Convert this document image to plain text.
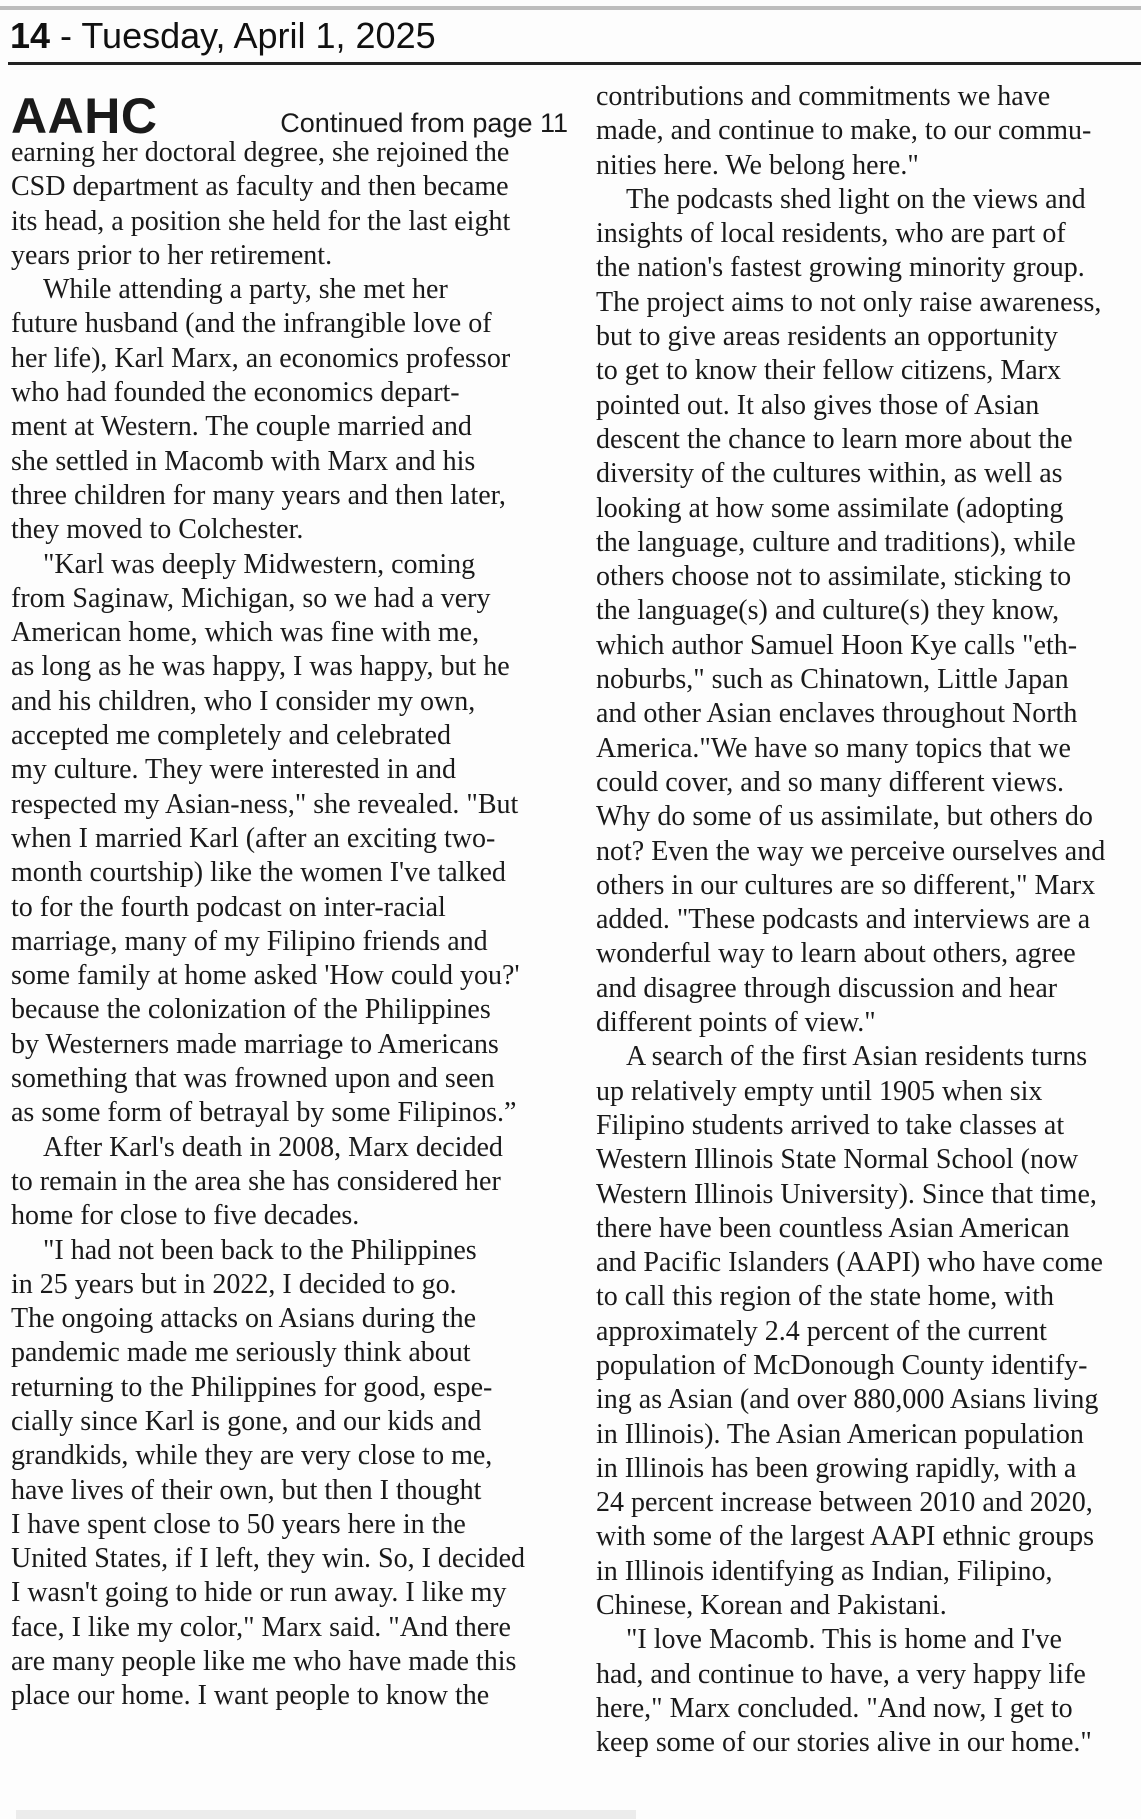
14 - Tuesday, April 1, 2025
AAHC	Continued from page 11

earning her doctoral degree, she rejoined the

CSD department as faculty and then became

its head, a position she held for the last eight

years prior to her retirement.

While attending a party, she met her

future husband (and the infrangible love of

her life), Karl Marx, an economics professor

who had founded the economics depart-

ment at Western. The couple married and

she settled in Macomb with Marx and his

three children for many years and then later,

they moved to Colchester.

"Karl was deeply Midwestern, coming

from Saginaw, Michigan, so we had a very

American home, which was fine with me,

as long as he was happy, I was happy, but he

and his children, who I consider my own,

accepted me completely and celebrated

my culture. They were interested in and

respected my Asian-ness," she revealed. "But

when I married Karl (after an exciting two-

month courtship) like the women I've talked

to for the fourth podcast on inter-racial

marriage, many of my Filipino friends and

some family at home asked 'How could you?'

because the colonization of the Philippines

by Westerners made marriage to Americans

something that was frowned upon and seen

as some form of betrayal by some Filipinos.”

After Karl's death in 2008, Marx decided

to remain in the area she has considered her

home for close to five decades.

"I had not been back to the Philippines

in 25 years but in 2022, I decided to go.

The ongoing attacks on Asians during the

pandemic made me seriously think about

returning to the Philippines for good, espe-

cially since Karl is gone, and our kids and

grandkids, while they are very close to me,

have lives of their own, but then I thought

I have spent close to 50 years here in the

United States, if I left, they win. So, I decided

I wasn't going to hide or run away. I like my

face, I like my color," Marx said. "And there

are many people like me who have made this

place our home. I want people to know the

contributions and commitments we have

made, and continue to make, to our commu-

nities here. We belong here."

The podcasts shed light on the views and

insights of local residents, who are part of

the nation's fastest growing minority group.

The project aims to not only raise awareness,

but to give areas residents an opportunity

to get to know their fellow citizens, Marx

pointed out. It also gives those of Asian

descent the chance to learn more about the

diversity of the cultures within, as well as

looking at how some assimilate (adopting

the language, culture and traditions), while

others choose not to assimilate, sticking to

the language(s) and culture(s) they know,

which author Samuel Hoon Kye calls "eth-

noburbs," such as Chinatown, Little Japan

and other Asian enclaves throughout North

America."We have so many topics that we

could cover, and so many different views.

Why do some of us assimilate, but others do

not? Even the way we perceive ourselves and

others in our cultures are so different," Marx

added. "These podcasts and interviews are a

wonderful way to learn about others, agree

and disagree through discussion and hear

different points of view."

A search of the first Asian residents turns

up relatively empty until 1905 when six

Filipino students arrived to take classes at

Western Illinois State Normal School (now

Western Illinois University). Since that time,

there have been countless Asian American

and Pacific Islanders (AAPI) who have come

to call this region of the state home, with

approximately 2.4 percent of the current

population of McDonough County identify-

ing as Asian (and over 880,000 Asians living

in Illinois). The Asian American population

in Illinois has been growing rapidly, with a

24 percent increase between 2010 and 2020,

with some of the largest AAPI ethnic groups

in Illinois identifying as Indian, Filipino,

Chinese, Korean and Pakistani.

"I love Macomb. This is home and I've

had, and continue to have, a very happy life

here," Marx concluded. "And now, I get to

keep some of our stories alive in our home."
